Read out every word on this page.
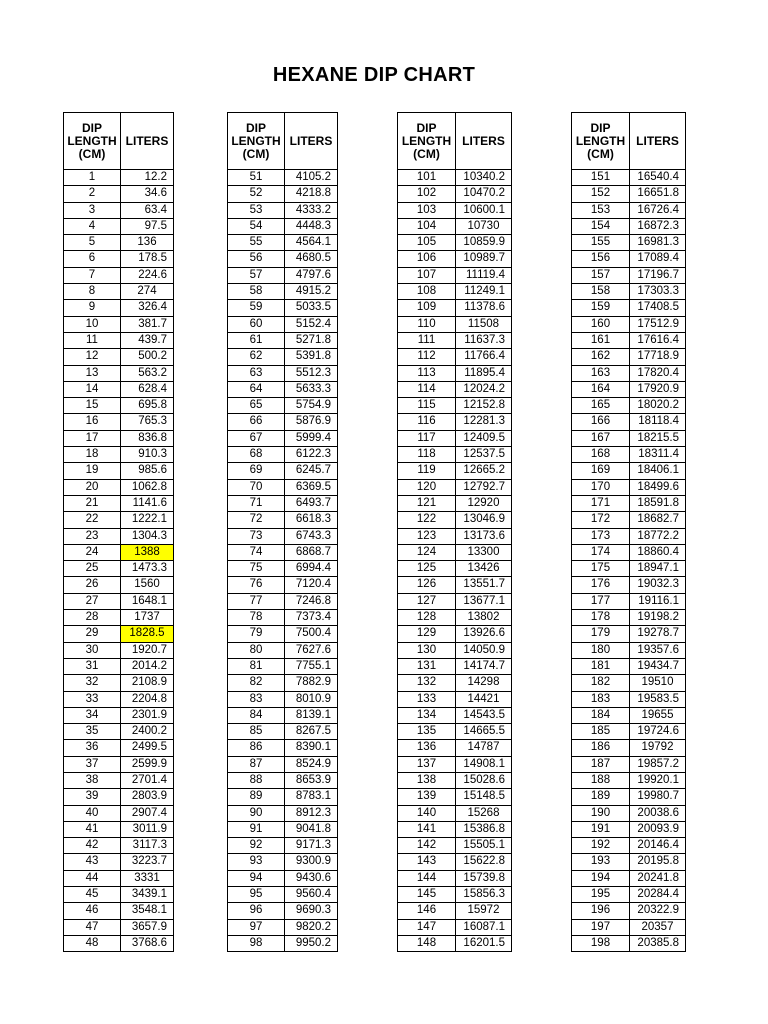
HEXANE DIP CHART
DIP
LENGTH
(CM)	LITERS
1	12.2
2	34.6
3	63.4
4	97.5
5	136
6	178.5
7	224.6
8	274
9	326.4
10	381.7
11	439.7
12	500.2
13	563.2
14	628.4
15	695.8
16	765.3
17	836.8
18	910.3
19	985.6
20	1062.8
21	1141.6
22	1222.1
23	1304.3
24	1388
25	1473.3
26	1560
27	1648.1
28	1737
29	1828.5
30	1920.7
31	2014.2
32	2108.9
33	2204.8
34	2301.9
35	2400.2
36	2499.5
37	2599.9
38	2701.4
39	2803.9
40	2907.4
41	3011.9
42	3117.3
43	3223.7
44	3331
45	3439.1
46	3548.1
47	3657.9
48	3768.6
DIP
LENGTH
(CM)	LITERS
51	4105.2
52	4218.8
53	4333.2
54	4448.3
55	4564.1
56	4680.5
57	4797.6
58	4915.2
59	5033.5
60	5152.4
61	5271.8
62	5391.8
63	5512.3
64	5633.3
65	5754.9
66	5876.9
67	5999.4
68	6122.3
69	6245.7
70	6369.5
71	6493.7
72	6618.3
73	6743.3
74	6868.7
75	6994.4
76	7120.4
77	7246.8
78	7373.4
79	7500.4
80	7627.6
81	7755.1
82	7882.9
83	8010.9
84	8139.1
85	8267.5
86	8390.1
87	8524.9
88	8653.9
89	8783.1
90	8912.3
91	9041.8
92	9171.3
93	9300.9
94	9430.6
95	9560.4
96	9690.3
97	9820.2
98	9950.2
DIP
LENGTH
(CM)	LITERS
101	10340.2
102	10470.2
103	10600.1
104	10730
105	10859.9
106	10989.7
107	11119.4
108	11249.1
109	11378.6
110	11508
111	11637.3
112	11766.4
113	11895.4
114	12024.2
115	12152.8
116	12281.3
117	12409.5
118	12537.5
119	12665.2
120	12792.7
121	12920
122	13046.9
123	13173.6
124	13300
125	13426
126	13551.7
127	13677.1
128	13802
129	13926.6
130	14050.9
131	14174.7
132	14298
133	14421
134	14543.5
135	14665.5
136	14787
137	14908.1
138	15028.6
139	15148.5
140	15268
141	15386.8
142	15505.1
143	15622.8
144	15739.8
145	15856.3
146	15972
147	16087.1
148	16201.5
DIP
LENGTH
(CM)	LITERS
151	16540.4
152	16651.8
153	16726.4
154	16872.3
155	16981.3
156	17089.4
157	17196.7
158	17303.3
159	17408.5
160	17512.9
161	17616.4
162	17718.9
163	17820.4
164	17920.9
165	18020.2
166	18118.4
167	18215.5
168	18311.4
169	18406.1
170	18499.6
171	18591.8
172	18682.7
173	18772.2
174	18860.4
175	18947.1
176	19032.3
177	19116.1
178	19198.2
179	19278.7
180	19357.6
181	19434.7
182	19510
183	19583.5
184	19655
185	19724.6
186	19792
187	19857.2
188	19920.1
189	19980.7
190	20038.6
191	20093.9
192	20146.4
193	20195.8
194	20241.8
195	20284.4
196	20322.9
197	20357
198	20385.8
